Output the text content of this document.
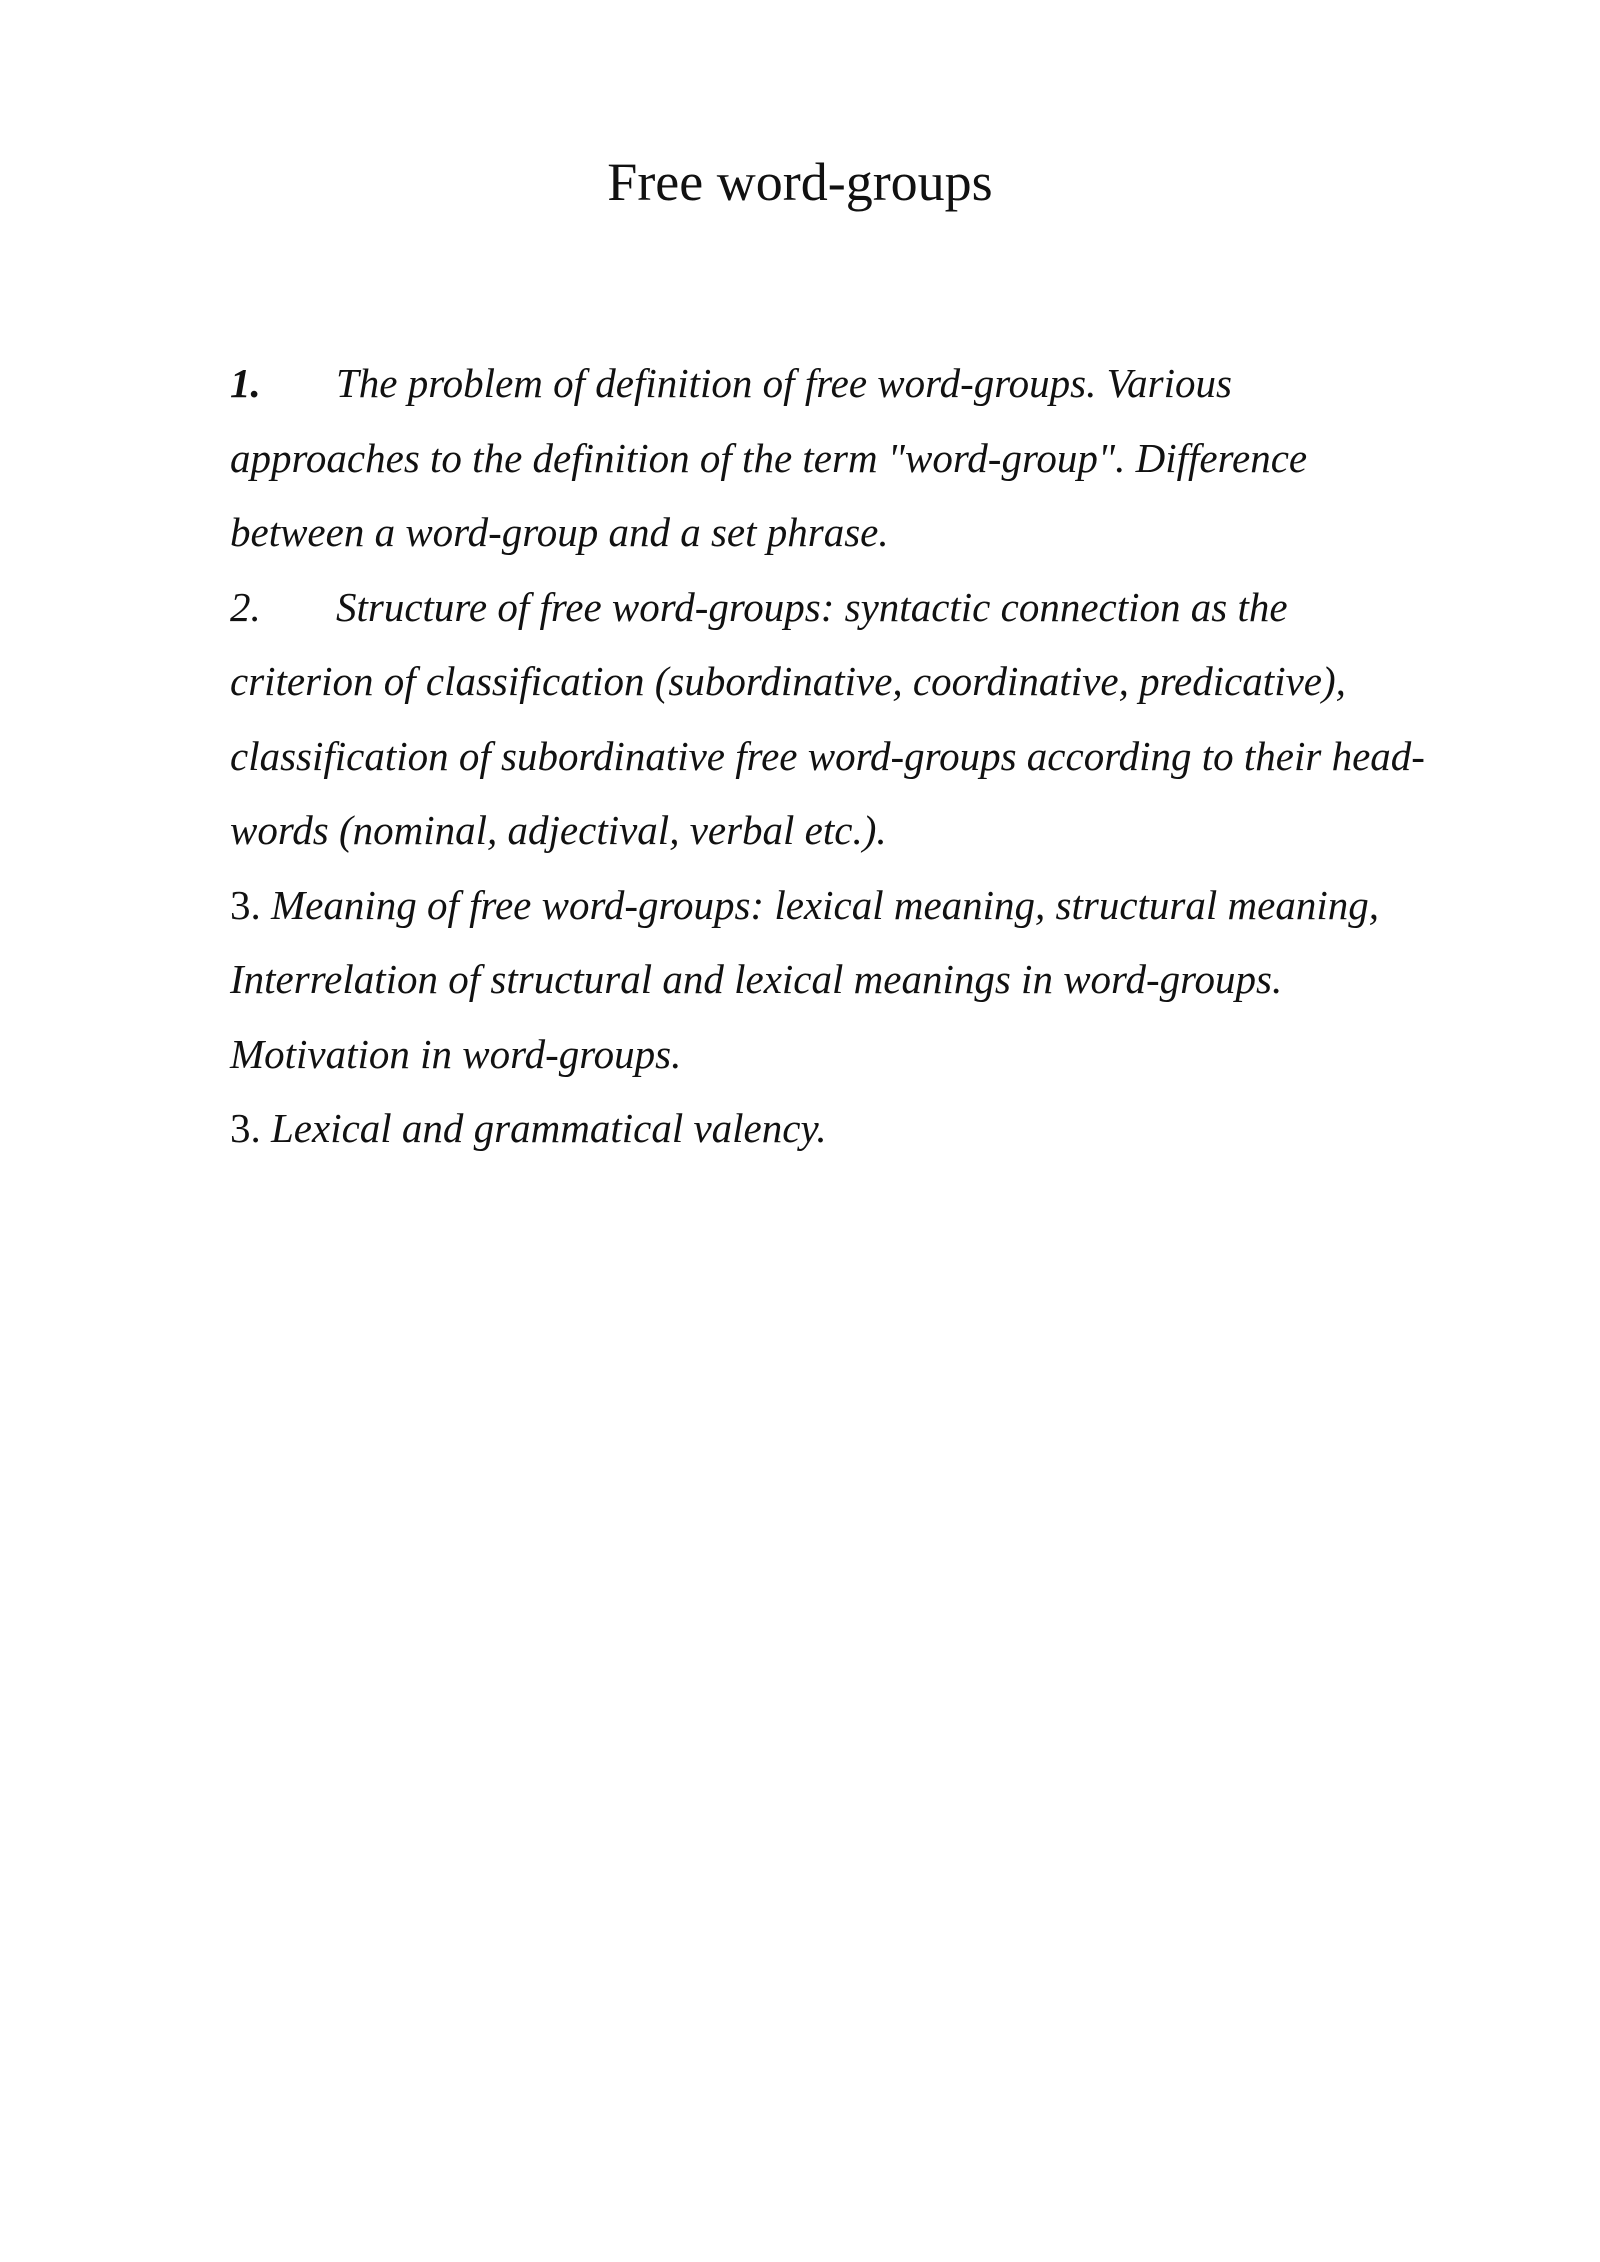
Free word-groups
1. The problem of definition of free word-groups. Various
approaches to the definition of the term "word-group". Difference
between a word-group and a set phrase.
2. Structure of free word-groups: syntactic connection as the
criterion of classification (subordinative, coordinative, predicative),
classification of subordinative free word-groups according to their head-
words (nominal, adjectival, verbal etc.).
3. Meaning of free word-groups: lexical meaning, structural meaning,
Interrelation of structural and lexical meanings in word-groups.
Motivation in word-groups.
3. Lexical and grammatical valency.
